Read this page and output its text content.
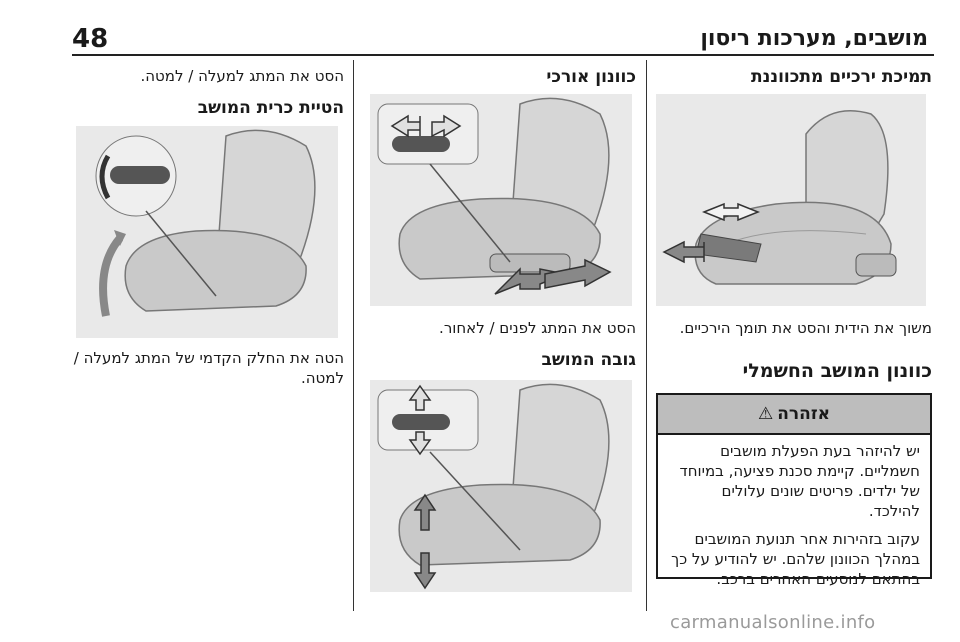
48	מושבים, מערכות ריסון
תמיכת ירכיים מתכווננת
משוך את הידית והסט את תומך הירכיים.
כוונון המושב החשמלי
אזהרה
⚠

יש להיזהר בעת הפעלת מושבים חשמליים. קיימת סכנת פציעה, במיוחד של ילדים. פריטים שונים עלולים להילכד.

עקוב בזהירות אחר תנועת המושבים במהלך הכוונון שלהם. יש להודיע על כך בהתאם לנוסעים האחרים ברכב.

כוונון אורכי
הסט את המתג לפנים / לאחור.
גובה המושב
הסט את המתג למעלה / למטה.
הטיית כרית המושב
הטה את החלק הקדמי של המתג למעלה / למטה.
carmanualsonline.info
